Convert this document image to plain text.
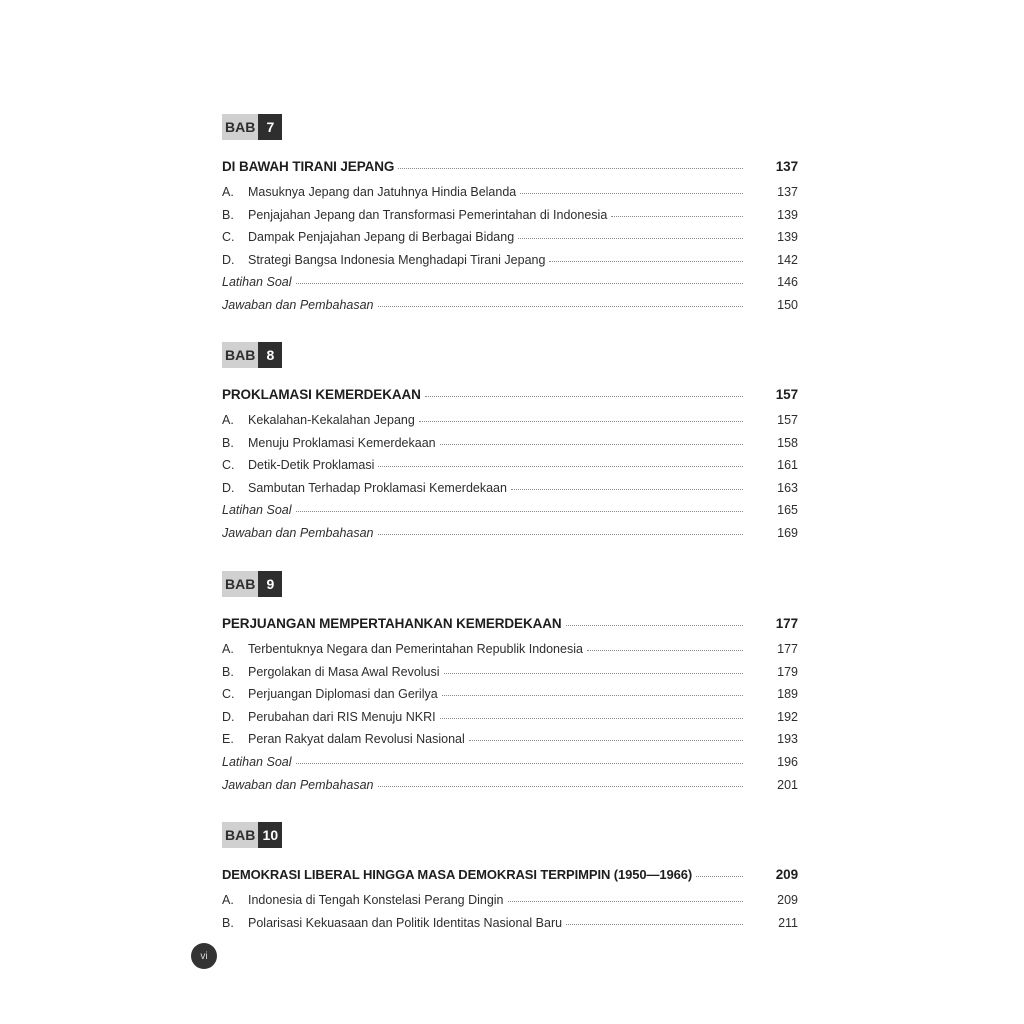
BAB 7
DI BAWAH TIRANI JEPANG	137
A.	Masuknya Jepang dan Jatuhnya Hindia Belanda	137
B.	Penjajahan Jepang dan Transformasi Pemerintahan di Indonesia	139
C.	Dampak Penjajahan Jepang di Berbagai Bidang	139
D.	Strategi Bangsa Indonesia Menghadapi Tirani Jepang	142
Latihan Soal	146
Jawaban dan Pembahasan	150
BAB 8
PROKLAMASI KEMERDEKAAN	157
A.	Kekalahan-Kekalahan Jepang	157
B.	Menuju Proklamasi Kemerdekaan	158
C.	Detik-Detik Proklamasi	161
D.	Sambutan Terhadap Proklamasi Kemerdekaan	163
Latihan Soal	165
Jawaban dan Pembahasan	169
BAB 9
PERJUANGAN MEMPERTAHANKAN KEMERDEKAAN	177
A.	Terbentuknya Negara dan Pemerintahan Republik Indonesia	177
B.	Pergolakan di Masa Awal Revolusi	179
C.	Perjuangan Diplomasi dan Gerilya	189
D.	Perubahan dari RIS Menuju NKRI	192
E.	Peran Rakyat dalam Revolusi Nasional	193
Latihan Soal	196
Jawaban dan Pembahasan	201
BAB 10
DEMOKRASI LIBERAL HINGGA MASA DEMOKRASI TERPIMPIN (1950—1966)	209
A.	Indonesia di Tengah Konstelasi Perang Dingin	209
B.	Polarisasi Kekuasaan dan Politik Identitas Nasional Baru	211
vi
